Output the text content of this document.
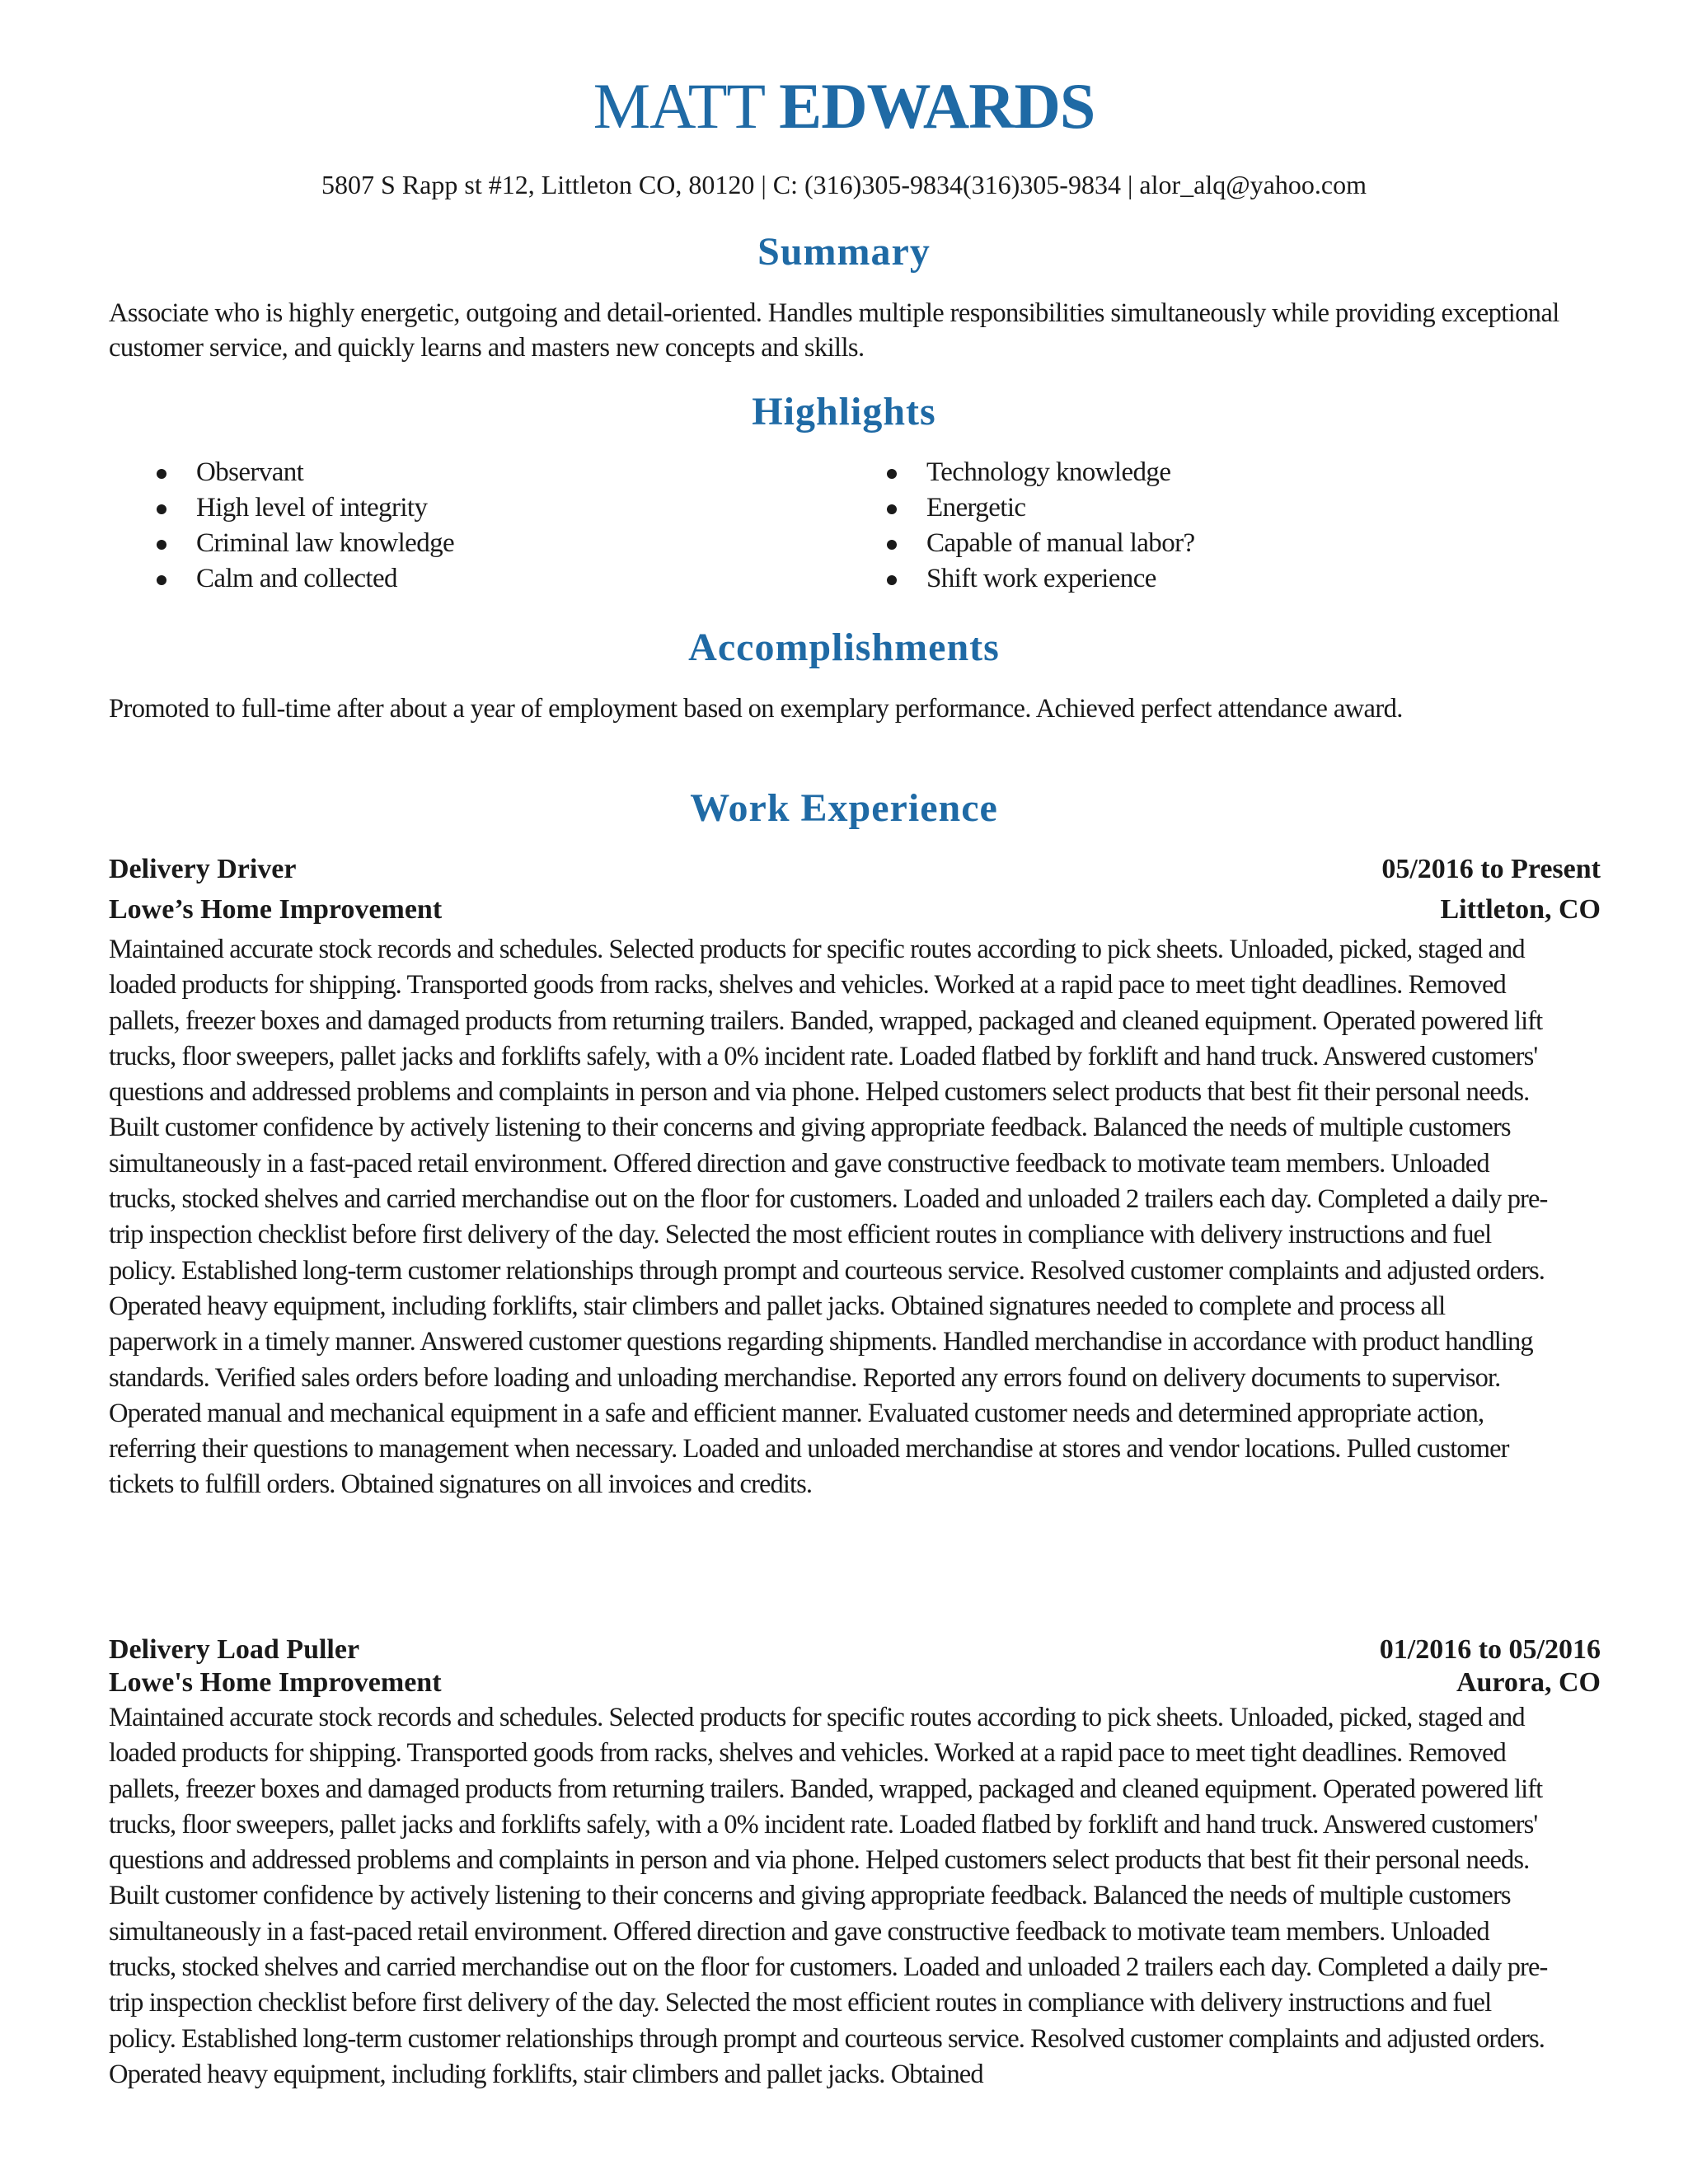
MATT EDWARDS
5807 S Rapp st #12, Littleton CO, 80120 | C: (316)305-9834(316)305-9834 | alor_alq@yahoo.com
Summary

Associate who is highly energetic, outgoing and detail-oriented. Handles multiple responsibilities simultaneously while providing exceptional customer service, and quickly learns and masters new concepts and skills.

Highlights
Observant
High level of integrity
Criminal law knowledge
Calm and collected
Technology knowledge
Energetic
Capable of manual labor?
Shift work experience
Accomplishments

Promoted to full-time after about a year of employment based on exemplary performance. Achieved perfect attendance award.

Work Experience
Delivery Driver	05/2016 to Present
Lowe’s Home Improvement	Littleton, CO

Maintained accurate stock records and schedules. Selected products for specific routes according to pick sheets. Unloaded, picked, staged and loaded products for shipping. Transported goods from racks, shelves and vehicles. Worked at a rapid pace to meet tight deadlines. Removed pallets, freezer boxes and damaged products from returning trailers. Banded, wrapped, packaged and cleaned equipment. Operated powered lift trucks, floor sweepers, pallet jacks and forklifts safely, with a 0% incident rate. Loaded flatbed by forklift and hand truck. Answered customers' questions and addressed problems and complaints in person and via phone. Helped customers select products that best fit their personal needs. Built customer confidence by actively listening to their concerns and giving appropriate feedback. Balanced the needs of multiple customers simultaneously in a fast-paced retail environment. Offered direction and gave constructive feedback to motivate team members. Unloaded trucks, stocked shelves and carried merchandise out on the floor for customers. Loaded and unloaded 2 trailers each day. Completed a daily pre-trip inspection checklist before first delivery of the day. Selected the most efficient routes in compliance with delivery instructions and fuel policy. Established long-term customer relationships through prompt and courteous service. Resolved customer complaints and adjusted orders. Operated heavy equipment, including forklifts, stair climbers and pallet jacks. Obtained signatures needed to complete and process all paperwork in a timely manner. Answered customer questions regarding shipments. Handled merchandise in accordance with product handling standards. Verified sales orders before loading and unloading merchandise. Reported any errors found on delivery documents to supervisor. Operated manual and mechanical equipment in a safe and efficient manner. Evaluated customer needs and determined appropriate action, referring their questions to management when necessary. Loaded and unloaded merchandise at stores and vendor locations. Pulled customer tickets to fulfill orders. Obtained signatures on all invoices and credits.

Delivery Load Puller	01/2016 to 05/2016
Lowe's Home Improvement	Aurora, CO

Maintained accurate stock records and schedules. Selected products for specific routes according to pick sheets. Unloaded, picked, staged and loaded products for shipping. Transported goods from racks, shelves and vehicles. Worked at a rapid pace to meet tight deadlines. Removed pallets, freezer boxes and damaged products from returning trailers. Banded, wrapped, packaged and cleaned equipment. Operated powered lift trucks, floor sweepers, pallet jacks and forklifts safely, with a 0% incident rate. Loaded flatbed by forklift and hand truck. Answered customers' questions and addressed problems and complaints in person and via phone. Helped customers select products that best fit their personal needs. Built customer confidence by actively listening to their concerns and giving appropriate feedback. Balanced the needs of multiple customers simultaneously in a fast-paced retail environment. Offered direction and gave constructive feedback to motivate team members. Unloaded trucks, stocked shelves and carried merchandise out on the floor for customers. Loaded and unloaded 2 trailers each day. Completed a daily pre-trip inspection checklist before first delivery of the day. Selected the most efficient routes in compliance with delivery instructions and fuel policy. Established long-term customer relationships through prompt and courteous service. Resolved customer complaints and adjusted orders. Operated heavy equipment, including forklifts, stair climbers and pallet jacks. Obtained
